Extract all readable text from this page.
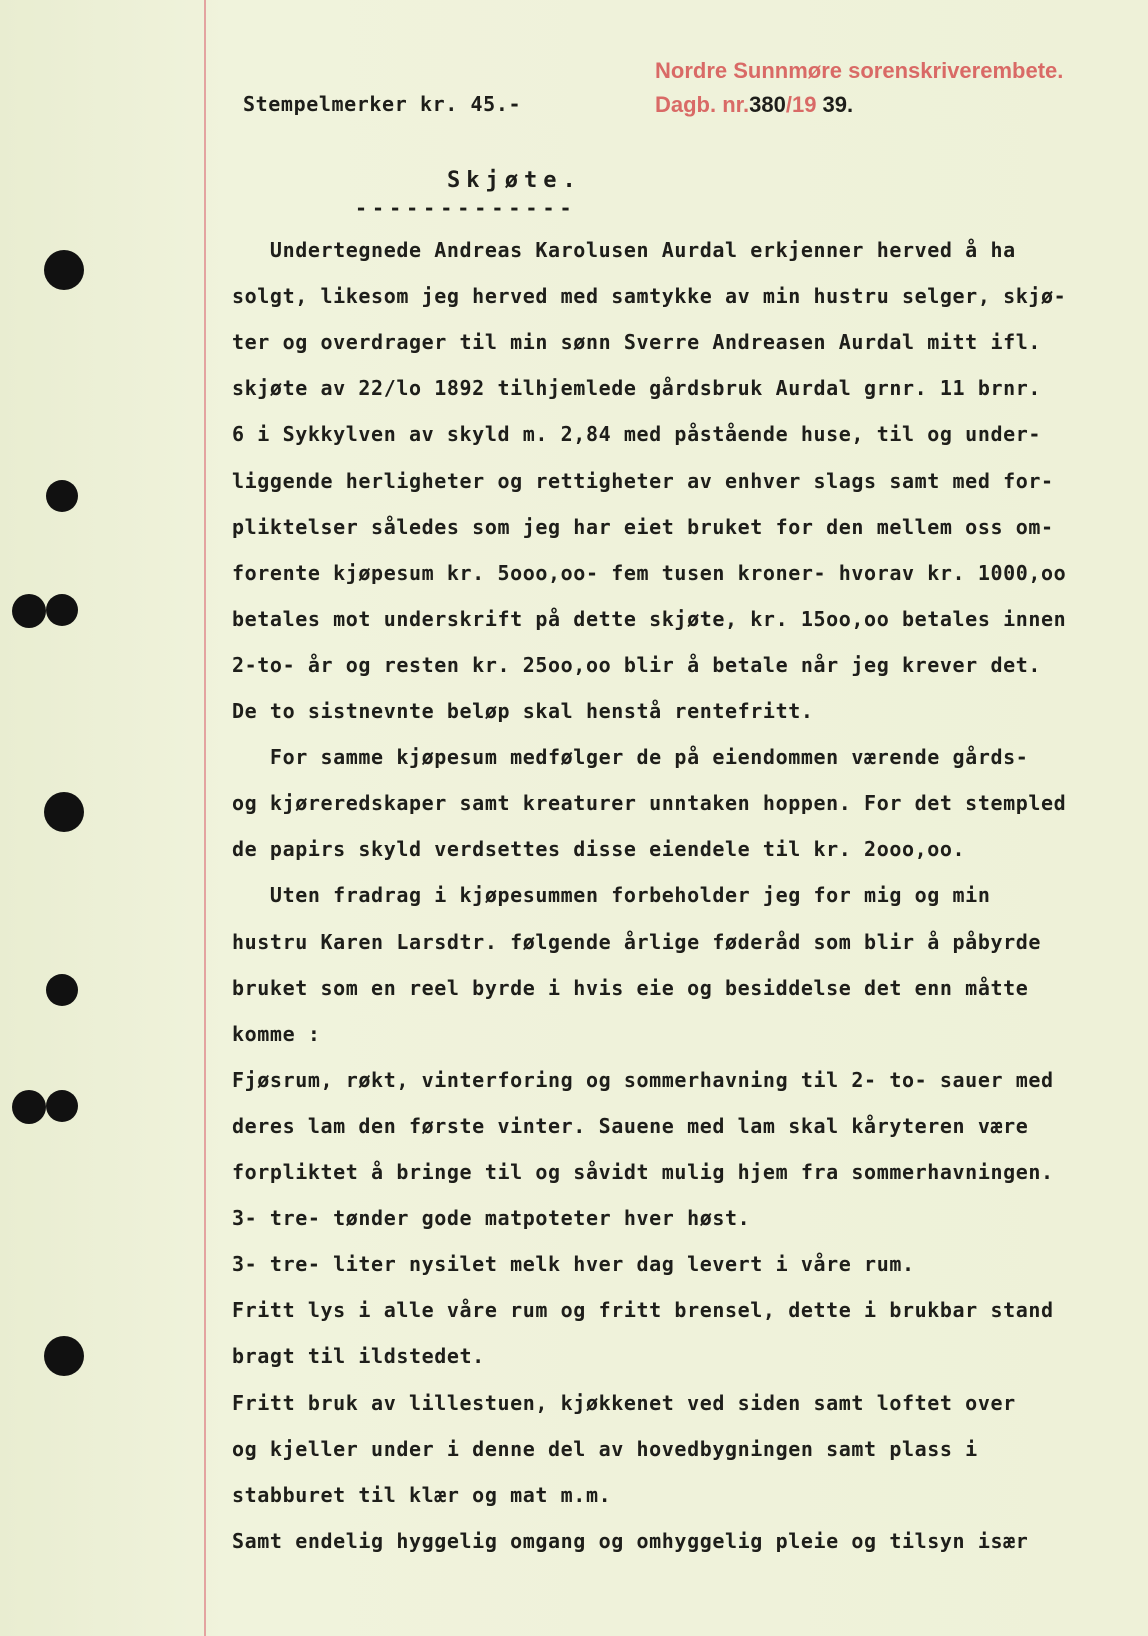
Stempelmerker kr. 45.-
Nordre Sunnmøre sorenskriverembete.
Dagb. nr.380/19 39.
Skjøte.
-------------
Undertegnede Andreas Karolusen Aurdal erkjenner herved å ha
solgt, likesom jeg herved med samtykke av min hustru selger, skjø-
ter og overdrager til min sønn Sverre Andreasen Aurdal mitt ifl.
skjøte av 22/lo 1892 tilhjemlede gårdsbruk Aurdal grnr. 11 brnr.
6 i Sykkylven av skyld m. 2,84 med påstående huse, til og under-
liggende herligheter og rettigheter av enhver slags samt med for-
pliktelser således som jeg har eiet bruket for den mellem oss om-
forente kjøpesum kr. 5ooo,oo- fem tusen kroner- hvorav kr. 1000,oo
betales mot underskrift på dette skjøte, kr. 15oo,oo betales innen
2-to- år og resten kr. 25oo,oo blir å betale når jeg krever det.
De to sistnevnte beløp skal henstå rentefritt.
For samme kjøpesum medfølger de på eiendommen værende gårds-
og kjøreredskaper samt kreaturer unntaken hoppen. For det stempled
de papirs skyld verdsettes disse eiendele til kr. 2ooo,oo.
Uten fradrag i kjøpesummen forbeholder jeg for mig og min
hustru Karen Larsdtr. følgende årlige føderåd som blir å påbyrde
bruket som en reel byrde i hvis eie og besiddelse det enn måtte
komme :
Fjøsrum, røkt, vinterforing og sommerhavning til 2- to- sauer med
deres lam den første vinter. Sauene med lam skal kåryteren være
forpliktet å bringe til og såvidt mulig hjem fra sommerhavningen.
3- tre- tønder gode matpoteter hver høst.
3- tre- liter nysilet melk hver dag levert i våre rum.
Fritt lys i alle våre rum og fritt brensel, dette i brukbar stand
bragt til ildstedet.
Fritt bruk av lillestuen, kjøkkenet ved siden samt loftet over
og kjeller under i denne del av hovedbygningen samt plass i
stabburet til klær og mat m.m.
Samt endelig hyggelig omgang og omhyggelig pleie og tilsyn især
